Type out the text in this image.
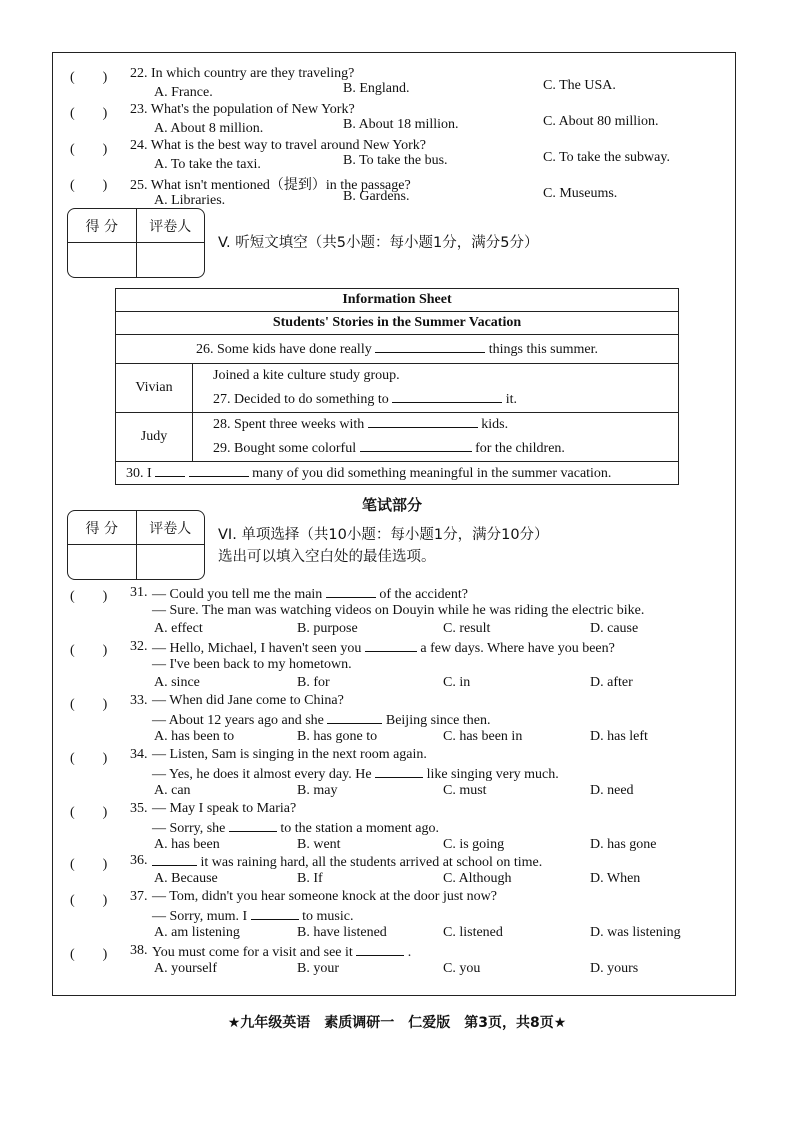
(　　) 22. In which country are they traveling?
A. France.	B. England.	C. The USA.
(　　) 23. What's the population of New York?
A. About 8 million.	B. About 18 million.	C. About 80 million.
(　　) 24. What is the best way to travel around New York?
A. To take the taxi.	B. To take the bus.	C. To take the subway.
(　　) 25. What isn't mentioned（提到）in the passage?
A. Libraries.	B. Gardens.	C. Museums.
得 分	评卷人
V. 听短文填空（共5小题：每小题1分，满分5分）
Information Sheet	
Students' Stories in the Summer Vacation	
26. Some kids have done really things this summer.	
Vivian	Joined a kite culture study group.
27. Decided to do something to it.

Judy	28. Spent three weeks with kids.
29. Bought some colorful for the children.

30. I many of you did something meaningful in the summer vacation.	
笔试部分
得 分	评卷人	VI. 单项选择（共10小题：每小题1分，满分10分）
选出可以填入空白处的最佳选项。
(　　) 31. — Could you tell me the main	of the accident?
— Sure. The man was watching videos on Douyin while he was riding the electric bike.
A. effect	B. purpose	C. result	D. cause
(　　) 32. — Hello, Michael, I haven't seen you	a few days. Where have you been?
— I've been back to my hometown.
A. since	B. for	C. in	D. after
(　　) 33. — When did Jane come to China?
— About 12 years ago and she	Beijing since then.
A. has been to	B. has gone to	C. has been in	D. has left
(　　) 34. — Listen, Sam is singing in the next room again.
— Yes, he does it almost every day. He	like singing very much.
A. can	B. may	C. must	D. need
(　　) 35. — May I speak to Maria?
— Sorry, she	to the station a moment ago.
A. has been	B. went	C. is going	D. has gone
(　　) 36.	it was raining hard, all the students arrived at school on time.
A. Because	B. If	C. Although	D. When
(　　) 37. — Tom, didn't you hear someone knock at the door just now?
— Sorry, mum. I	to music.
A. am listening	B. have listened	C. listened	D. was listening
(　　) 38. You must come for a visit and see it	.
A. yourself	B. your	C. you	D. yours
★九年级英语　素质调研一　仁爱版　第3页，共8页★
